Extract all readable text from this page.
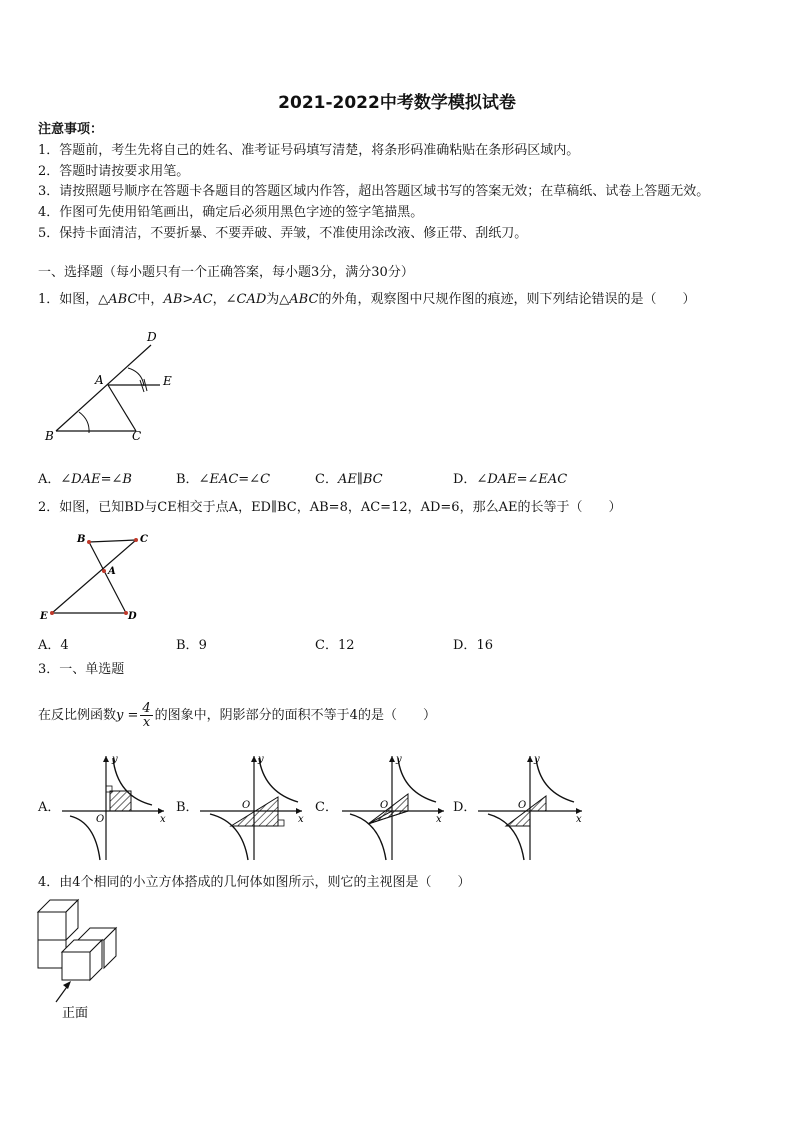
2021-2022中考数学模拟试卷
注意事项：
1．答题前，考生先将自己的姓名、准考证号码填写清楚，将条形码准确粘贴在条形码区域内。
2．答题时请按要求用笔。
3．请按照题号顺序在答题卡各题目的答题区域内作答，超出答题区域书写的答案无效；在草稿纸、试卷上答题无效。
4．作图可先使用铅笔画出，确定后必须用黑色字迹的签字笔描黑。
5．保持卡面清洁，不要折暴、不要弄破、弄皱，不准使用涂改液、修正带、刮纸刀。
一、选择题（每小题只有一个正确答案，每小题3分，满分30分）
1．如图，△ABC中，AB>AC，∠CAD为△ABC的外角，观察图中尺规作图的痕迹，则下列结论错误的是（　　）
D
A	E
B	C
A．∠DAE=∠B	B．∠EAC=∠C	C．AE∥BC	D．∠DAE=∠EAC
2．如图，已知BD与CE相交于点A，ED∥BC，AB=8，AC=12，AD=6，那么AE的长等于（　　）
B	C
A
E	D
A．4	B．9	C．12	D．16
3．一、单选题
在反比例函数$y = \frac{4}{x}$ 的图象中，阴影部分的面积不等于4的是（　　）
A．	B．	C．	D．
O	x
y
O
x
y
O
x
y
O
x
y
4．由4个相同的小立方体搭成的几何体如图所示，则它的主视图是（　　）
正面
